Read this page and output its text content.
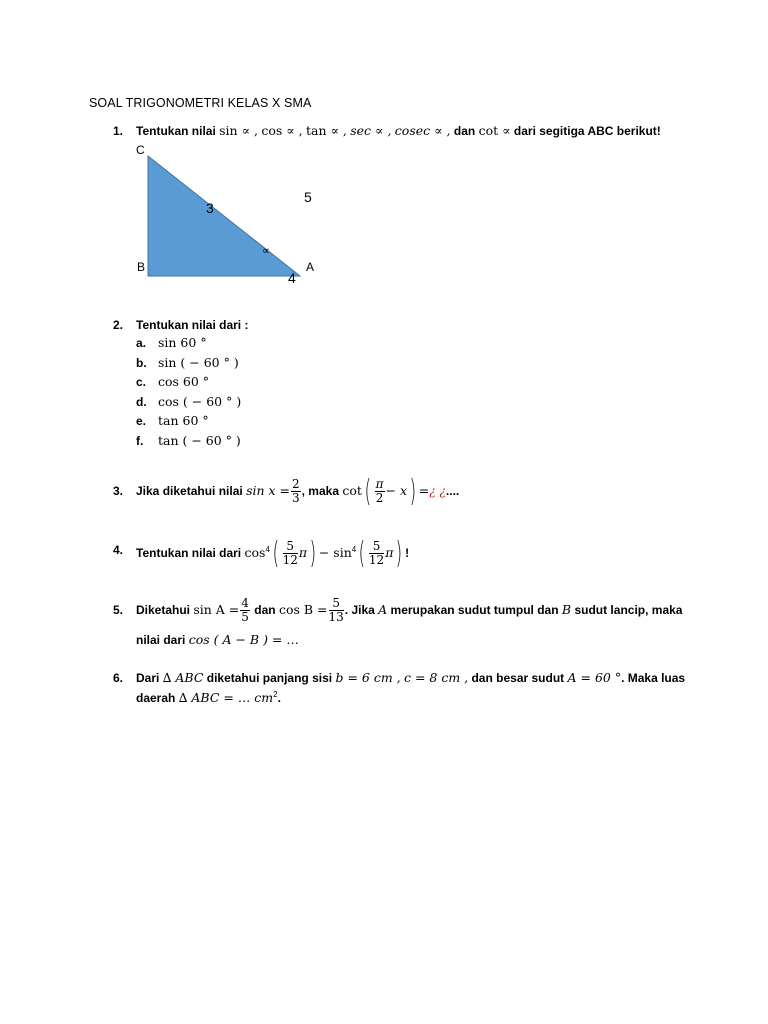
SOAL TRIGONOMETRI KELAS X SMA
1. Tentukan nilai sin ∝ , cos ∝ , tan ∝ , sec ∝ , cosec ∝ , dan cot ∝ dari segitiga ABC berikut!
C
B	A
3
5
4
∝
2. Tentukan nilai dari :
a. sin 60 °
b. sin ( − 60 ° )
c. cos 60 °
d. cos ( − 60 ° )
e. tan 60 °
f. tan ( − 60 ° )
3. Jika diketahui nilai $\sin x = \frac{2}{3}$ , maka $\cot( \frac{\pi}{2} - x)$ =¿ ¿....
4. Tentukan nilai dari $\cos^4( \frac{5}{12} \pi) - \sin^4( \frac{5}{12} \pi)$ !
5. Diketahui $\sin A = \frac{4}{5}$ dan $\cos B = \frac{5}{13}$ . Jika A merupakan sudut tumpul dan B sudut lancip, maka
nilai dari cos ( A − B ) = …
6. Dari ∆ ABC diketahui panjang sisi b = 6 cm , c = 8 cm , dan besar sudut A = 60 °. Maka luas
daerah ∆ ABC = … $cm^2$.
